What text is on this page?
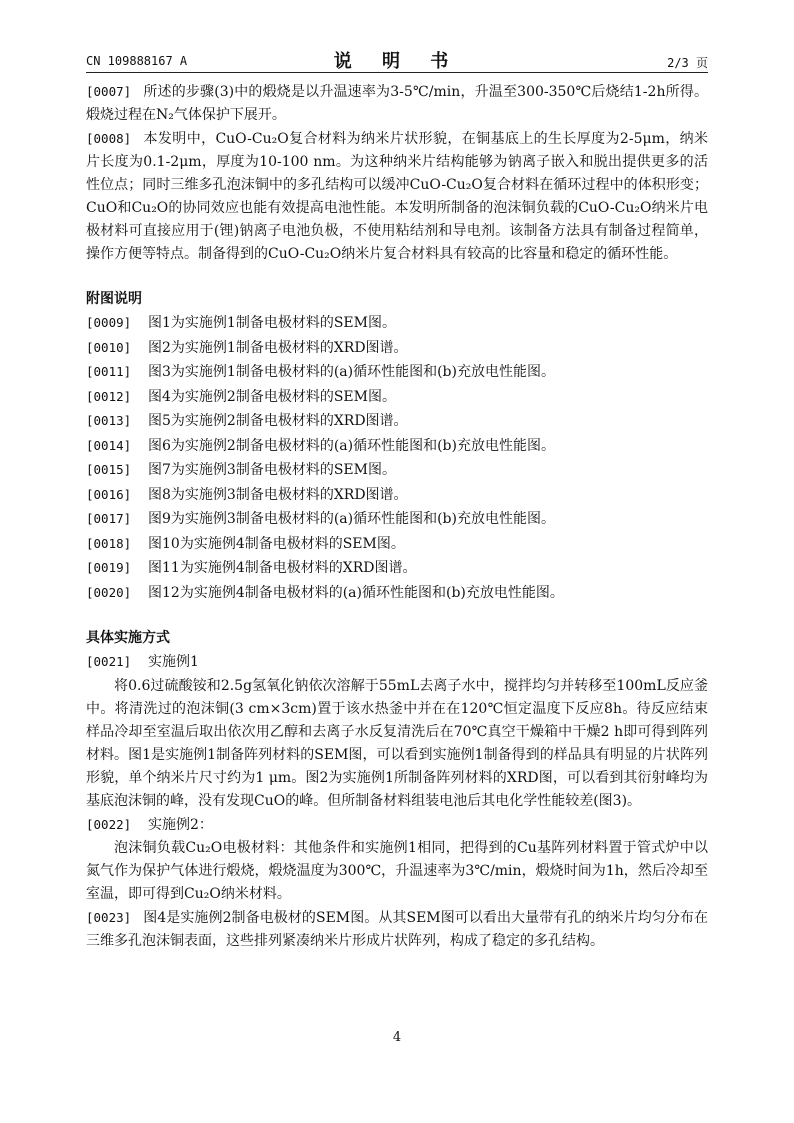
CN 109888167 A	说 明 书	2/3 页

[0007] 所述的步骤(3)中的煅烧是以升温速率为3-5℃/min，升温至300-350℃后烧结1-2h所得。煅烧过程在N₂气体保护下展开。

[0008] 本发明中，CuO-Cu₂O复合材料为纳米片状形貌，在铜基底上的生长厚度为2-5μm，纳米片长度为0.1-2μm，厚度为10-100 nm。为这种纳米片结构能够为钠离子嵌入和脱出提供更多的活性位点；同时三维多孔泡沫铜中的多孔结构可以缓冲CuO-Cu₂O复合材料在循环过程中的体积形变；CuO和Cu₂O的协同效应也能有效提高电池性能。本发明所制备的泡沫铜负载的CuO-Cu₂O纳米片电极材料可直接应用于(锂)钠离子电池负极，不使用粘结剂和导电剂。该制备方法具有制备过程简单，操作方便等特点。制备得到的CuO-Cu₂O纳米片复合材料具有较高的比容量和稳定的循环性能。

附图说明

[0009] 图1为实施例1制备电极材料的SEM图。

[0010] 图2为实施例1制备电极材料的XRD图谱。

[0011] 图3为实施例1制备电极材料的(a)循环性能图和(b)充放电性能图。

[0012] 图4为实施例2制备电极材料的SEM图。

[0013] 图5为实施例2制备电极材料的XRD图谱。

[0014] 图6为实施例2制备电极材料的(a)循环性能图和(b)充放电性能图。

[0015] 图7为实施例3制备电极材料的SEM图。

[0016] 图8为实施例3制备电极材料的XRD图谱。

[0017] 图9为实施例3制备电极材料的(a)循环性能图和(b)充放电性能图。

[0018] 图10为实施例4制备电极材料的SEM图。

[0019] 图11为实施例4制备电极材料的XRD图谱。

[0020] 图12为实施例4制备电极材料的(a)循环性能图和(b)充放电性能图。

具体实施方式

[0021] 实施例1

将0.6过硫酸铵和2.5g氢氧化钠依次溶解于55mL去离子水中，搅拌均匀并转移至100mL反应釜中。将清洗过的泡沫铜(3 cm×3cm)置于该水热釜中并在在120℃恒定温度下反应8h。待反应结束样品冷却至室温后取出依次用乙醇和去离子水反复清洗后在70℃真空干燥箱中干燥2 h即可得到阵列材料。图1是实施例1制备阵列材料的SEM图，可以看到实施例1制备得到的样品具有明显的片状阵列形貌，单个纳米片尺寸约为1 μm。图2为实施例1所制备阵列材料的XRD图，可以看到其衍射峰均为基底泡沫铜的峰，没有发现CuO的峰。但所制备材料组装电池后其电化学性能较差(图3)。

[0022] 实施例2：

泡沫铜负载Cu₂O电极材料：其他条件和实施例1相同，把得到的Cu基阵列材料置于管式炉中以氮气作为保护气体进行煅烧，煅烧温度为300℃，升温速率为3℃/min，煅烧时间为1h，然后冷却至室温，即可得到Cu₂O纳米材料。

[0023] 图4是实施例2制备电极材的SEM图。从其SEM图可以看出大量带有孔的纳米片均匀分布在三维多孔泡沫铜表面，这些排列紧凑纳米片形成片状阵列，构成了稳定的多孔结构。

4
